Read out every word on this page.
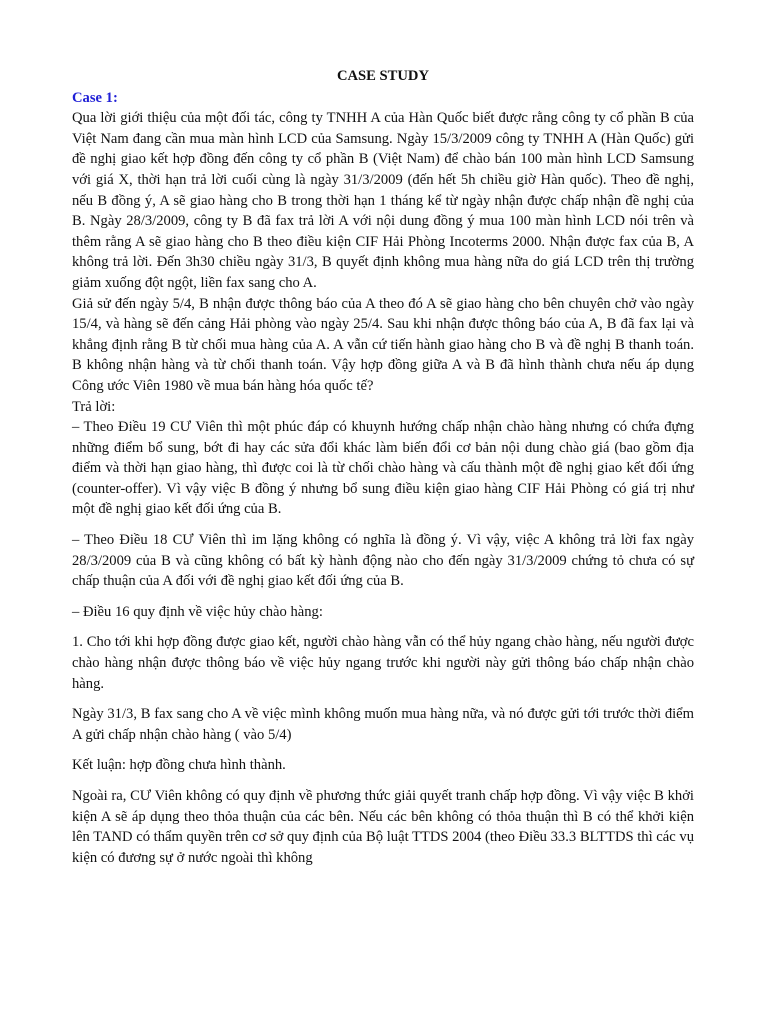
CASE STUDY
Case 1:

Qua lời giới thiệu của một đối tác, công ty TNHH A của Hàn Quốc biết được rằng công ty cổ phần B của Việt Nam đang cần mua màn hình LCD của Samsung. Ngày 15/3/2009 công ty TNHH A (Hàn Quốc) gửi đề nghị giao kết hợp đồng đến công ty cổ phần B (Việt Nam) để chào bán 100 màn hình LCD Samsung với giá X, thời hạn trả lời cuối cùng là ngày 31/3/2009 (đến hết 5h chiều giờ Hàn quốc). Theo đề nghị, nếu B đồng ý, A sẽ giao hàng cho B trong thời hạn 1 tháng kể từ ngày nhận được chấp nhận đề nghị của B. Ngày 28/3/2009, công ty B đã fax trả lời A với nội dung đồng ý mua 100 màn hình LCD nói trên và thêm rằng A sẽ giao hàng cho B theo điều kiện CIF Hải Phòng Incoterms 2000. Nhận được fax của B, A không trả lời. Đến 3h30 chiều ngày 31/3, B quyết định không mua hàng nữa do giá LCD trên thị trường giảm xuống đột ngột, liền fax sang cho A.

Giả sử đến ngày 5/4, B nhận được thông báo của A theo đó A sẽ giao hàng cho bên chuyên chở vào ngày 15/4, và hàng sẽ đến cảng Hải phòng vào ngày 25/4. Sau khi nhận được thông báo của A, B đã fax lại và khẳng định rằng B từ chối mua hàng của A. A vẫn cứ tiến hành giao hàng cho B và đề nghị B thanh toán. B không nhận hàng và từ chối thanh toán. Vậy hợp đồng giữa A và B đã hình thành chưa nếu áp dụng Công ước Viên 1980 về mua bán hàng hóa quốc tế?

Trả lời:

– Theo Điều 19 CƯ Viên thì một phúc đáp có khuynh hướng chấp nhận chào hàng nhưng có chứa đựng những điểm bổ sung, bớt đi hay các sửa đổi khác làm biến đổi cơ bản nội dung chào giá (bao gồm địa điểm và thời hạn giao hàng, thì được coi là từ chối chào hàng và cấu thành một đề nghị giao kết đối ứng (counter-offer). Vì vậy việc B đồng ý nhưng bổ sung điều kiện giao hàng CIF Hải Phòng có giá trị như một đề nghị giao kết đối ứng của B.

– Theo Điều 18 CƯ Viên thì im lặng không có nghĩa là đồng ý. Vì vậy, việc A không trả lời fax ngày 28/3/2009 của B và cũng không có bất kỳ hành động nào cho đến ngày 31/3/2009 chứng tỏ chưa có sự chấp thuận của A đối với đề nghị giao kết đối ứng của B.

– Điều 16 quy định về việc hủy chào hàng:

1. Cho tới khi hợp đồng được giao kết, người chào hàng vẫn có thể hủy ngang chào hàng, nếu người được chào hàng nhận được thông báo về việc hủy ngang trước khi người này gửi thông báo chấp nhận chào hàng.

Ngày 31/3, B fax sang cho A về việc mình không muốn mua hàng nữa, và nó được gửi tới trước thời điểm A gửi chấp nhận chào hàng ( vào 5/4)

Kết luận: hợp đồng chưa hình thành.

Ngoài ra, CƯ Viên không có quy định về phương thức giải quyết tranh chấp hợp đồng. Vì vậy việc B khởi kiện A sẽ áp dụng theo thỏa thuận của các bên. Nếu các bên không có thỏa thuận thì B có thể khởi kiện lên TAND có thẩm quyền trên cơ sở quy định của Bộ luật TTDS 2004 (theo Điều 33.3 BLTTDS thì các vụ kiện có đương sự ở nước ngoài thì không
